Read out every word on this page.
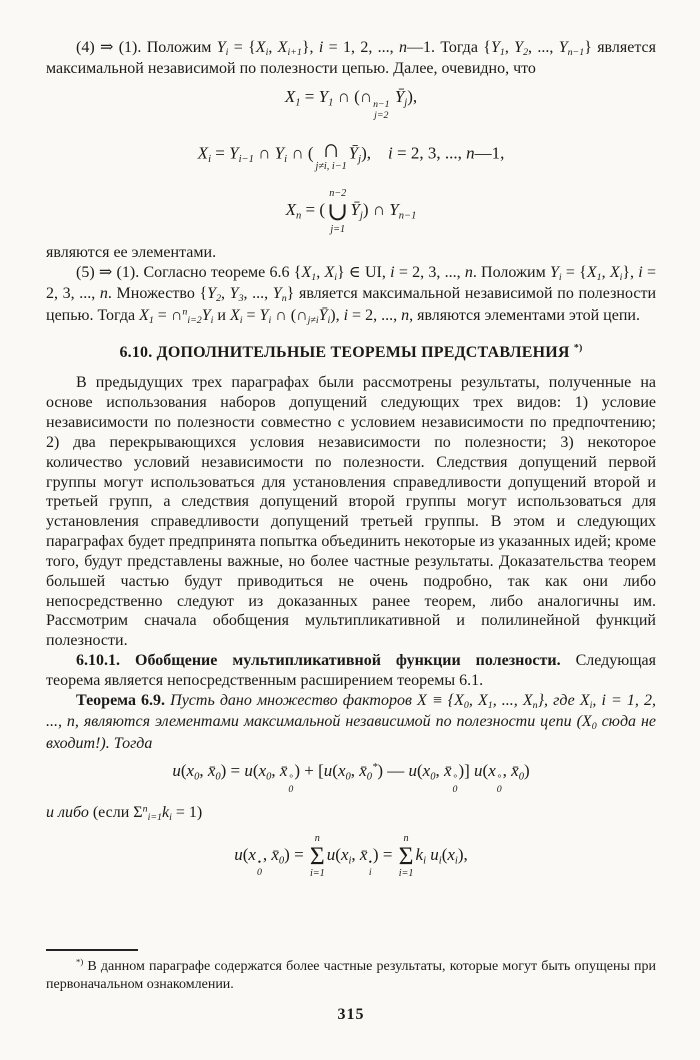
(4) ⇒ (1). Положим Yi = {Xi, Xi+1}, i = 1, 2, ..., n—1. Тогда {Y1, Y2, ..., Yn−1} является максимальной независимой по полезности цепью. Далее, очевидно, что

X1 = Y1 ∩ (∩ n−1
j=2
Ȳj),
Xi = Yi−1 ∩ Yi ∩ ( ∩
j≠i, i−1
Ȳj),  i = 2, 3, ..., n—1,
Xn = (
n−2
∪
j=1
Ȳj) ∩ Yn−1

являются ее элементами.

(5) ⇒ (1). Согласно теореме 6.6 {X1, Xi} ∈ UI, i = 2, 3, ..., n. Положим Yi = {X1, Xi}, i = 2, 3, ..., n. Множество {Y2, Y3, ..., Yn} является максимальной независимой по полезности цепью. Тогда X1 = ∩$^n$i=2Yi и Xi = Yi ∩ (∩j≠iȲi), i = 2, ..., n, являются элементами этой цепи.

6.10. ДОПОЛНИТЕЛЬНЫЕ ТЕОРЕМЫ ПРЕДСТАВЛЕНИЯ *)

В предыдущих трех параграфах были рассмотрены результаты, полученные на основе использования наборов допущений следующих трех видов: 1) условие независимости по полезности совместно с условием независимости по предпочтению; 2) два перекрывающихся условия независимости по полезности; 3) некоторое количество условий независимости по полезности. Следствия допущений первой группы могут использоваться для установления справедливости допущений второй и третьей групп, а следствия допущений второй группы могут использоваться для установления справедливости допущений третьей группы. В этом и следующих параграфах будет предпринята попытка объединить некоторые из указанных идей; кроме того, будут представлены важные, но более частные результаты. Доказательства теорем большей частью будут приводиться не очень подробно, так как они либо непосредственно следуют из доказанных ранее теорем, либо аналогичны им. Рассмотрим сначала обобщения мультипликативной и полилинейной функций полезности.

6.10.1. Обобщение мультипликативной функции полезности. Следующая теорема является непосредственным расширением теоремы 6.1.

Теорема 6.9. Пусть дано множество факторов X ≡ {X0, X1, ..., Xn}, где Xi, i = 1, 2, ..., n, являются элементами максимальной независимой по полезности цепи (X0 сюда не входит!). Тогда

u(x0, x̄0) = u(x0, x̄ °
0
) + [u(x0, x̄0*) — u(x0, x̄ °
0
)] u(x °
0
, x̄0)

и либо (если $\Sigma^ni=1ki = 1$)

u(x •
0
, x̄0) =
n
Σ
i=1
u(xi, x̄ •
i
) =
n
Σ
i=1
ki ui(xi),

*) В данном параграфе содержатся более частные результаты, которые могут быть опущены при первоначальном ознакомлении.

315
